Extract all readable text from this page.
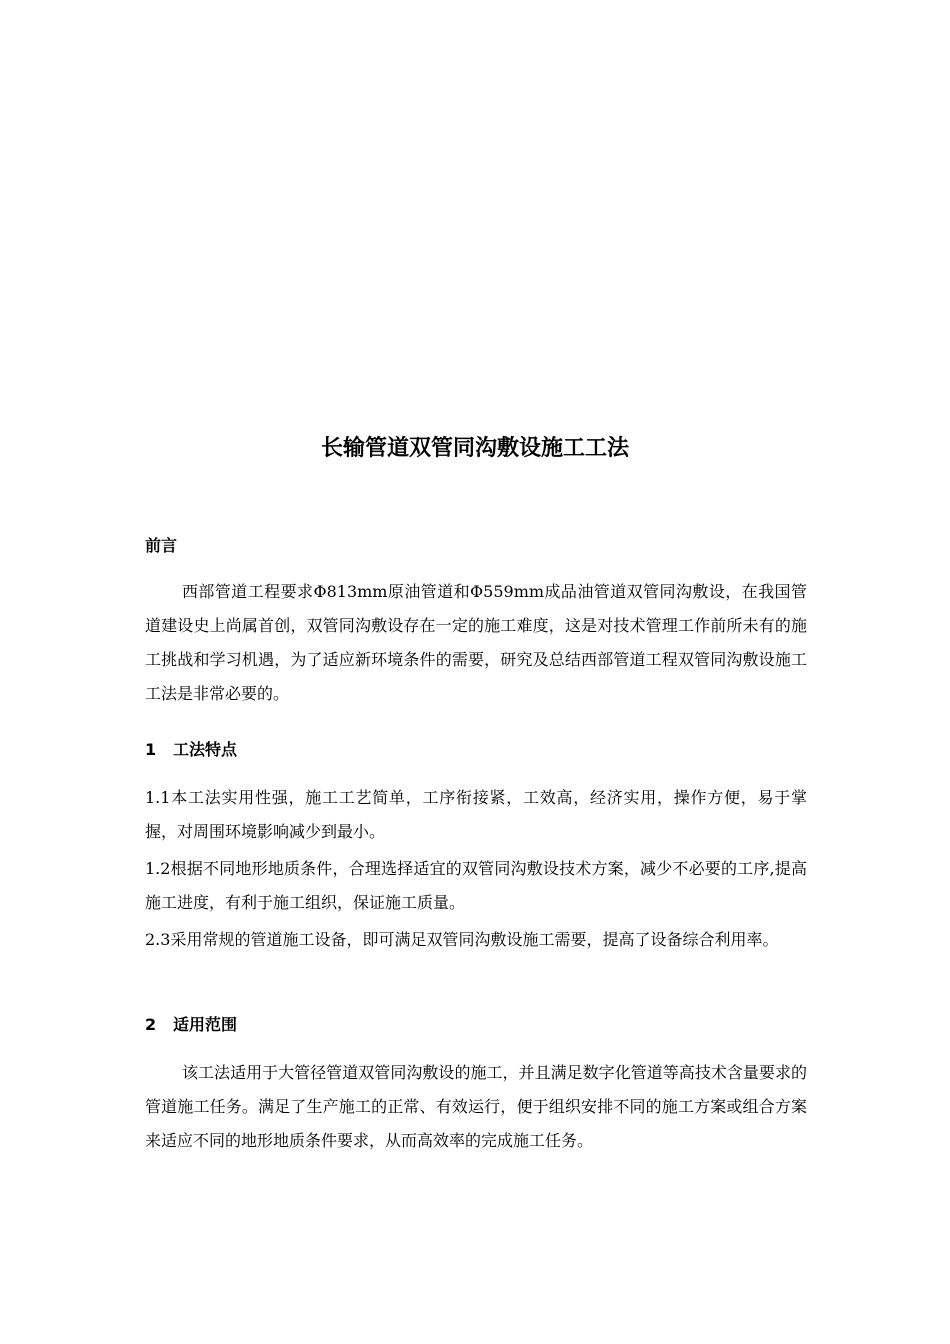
长输管道双管同沟敷设施工工法
前言

西部管道工程要求Φ813mm原油管道和Φ559mm成品油管道双管同沟敷设，在我国管道建设史上尚属首创，双管同沟敷设存在一定的施工难度，这是对技术管理工作前所未有的施工挑战和学习机遇，为了适应新环境条件的需要，研究及总结西部管道工程双管同沟敷设施工工法是非常必要的。

1 工法特点

1.1本工法实用性强，施工工艺简单，工序衔接紧，工效高，经济实用，操作方便，易于掌握，对周围环境影响减少到最小。

1.2根据不同地形地质条件，合理选择适宜的双管同沟敷设技术方案，减少不必要的工序,提高施工进度，有利于施工组织，保证施工质量。

2.3采用常规的管道施工设备，即可满足双管同沟敷设施工需要，提高了设备综合利用率。

2 适用范围

该工法适用于大管径管道双管同沟敷设的施工，并且满足数字化管道等高技术含量要求的管道施工任务。满足了生产施工的正常、有效运行，便于组织安排不同的施工方案或组合方案来适应不同的地形地质条件要求，从而高效率的完成施工任务。
